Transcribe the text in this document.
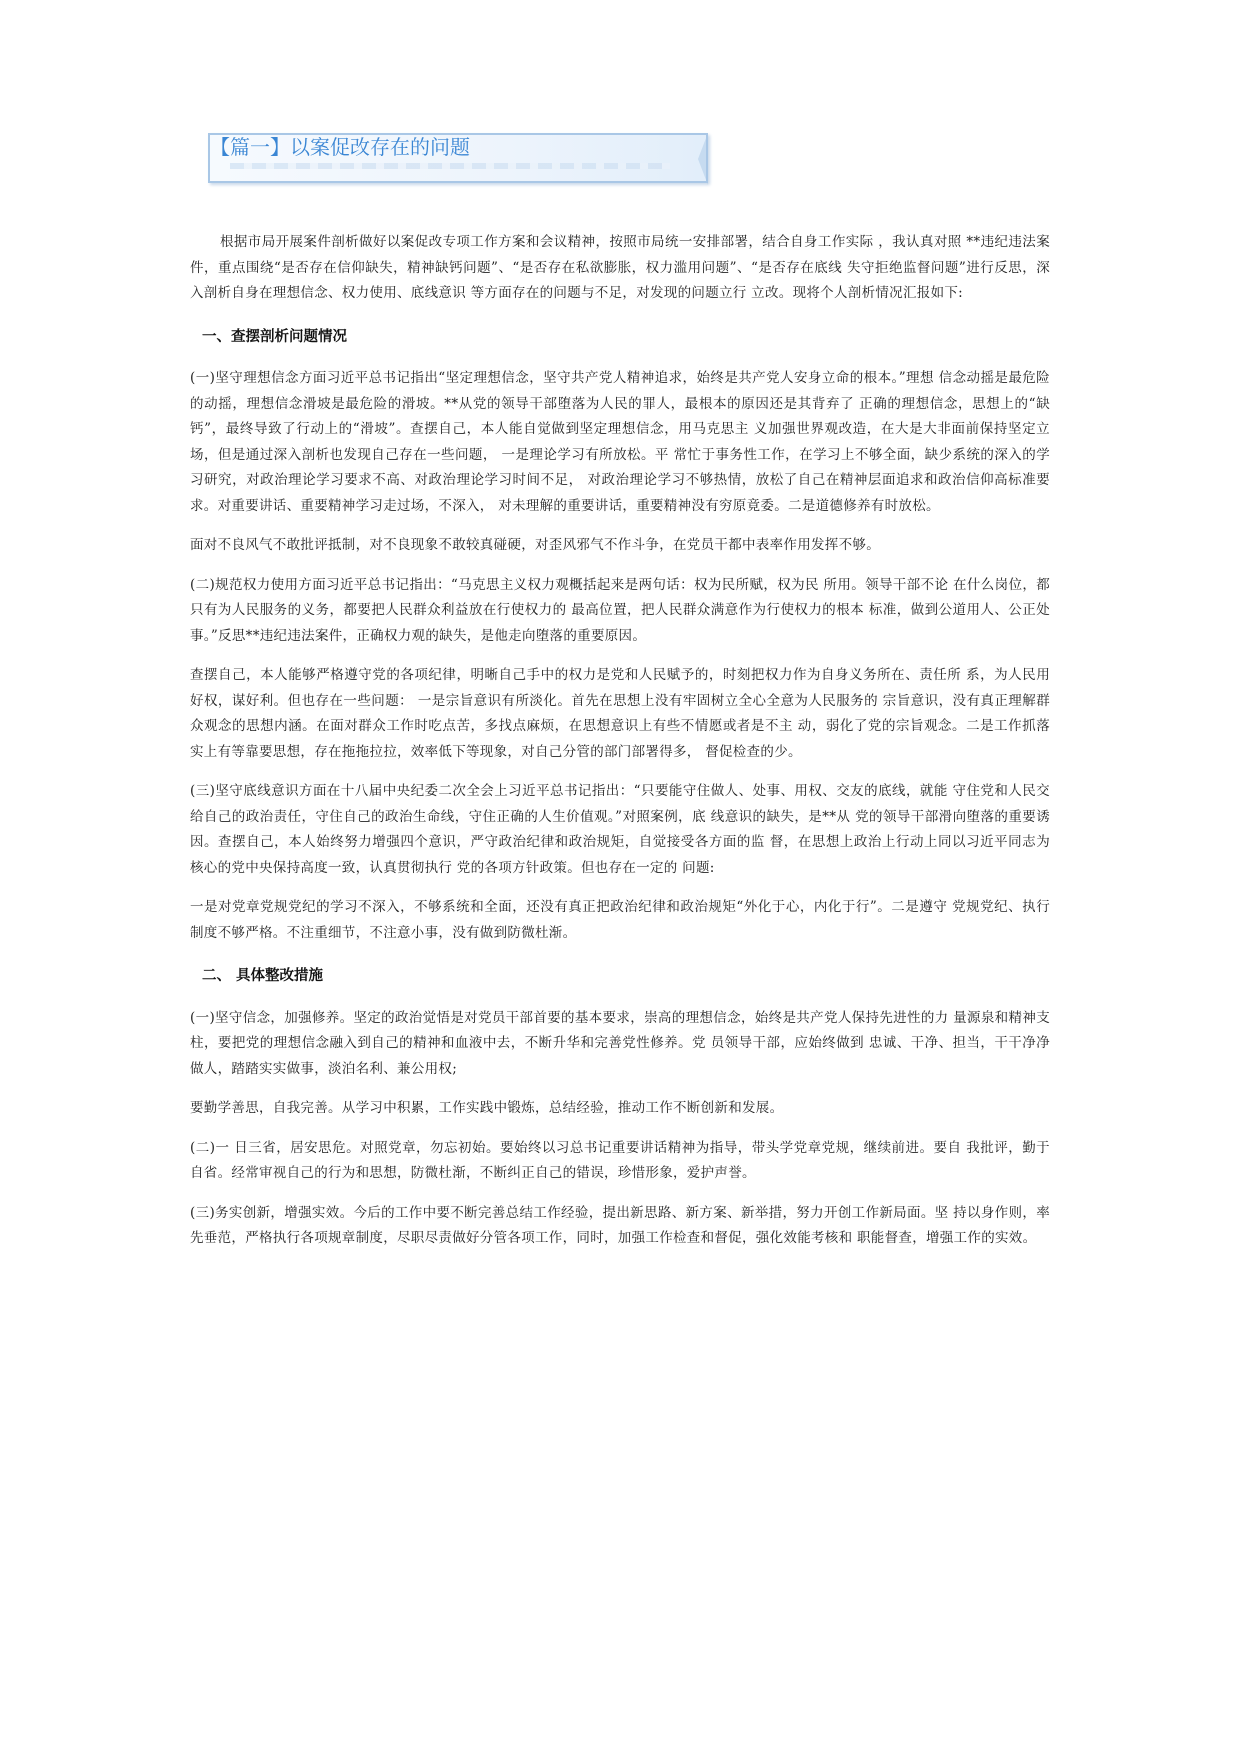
【篇一】以案促改存在的问题

根据市局开展案件剖析做好以案促改专项工作方案和会议精神，按照市局统一安排部署，结合自身工作实际 ，我认真对照 **违纪违法案件，重点围绕“是否存在信仰缺失，精神缺钙问题”、“是否存在私欲膨胀，权力滥用问题”、“是否存在底线 失守拒绝监督问题”进行反思，深入剖析自身在理想信念、权力使用、底线意识 等方面存在的问题与不足，对发现的问题立行 立改。现将个人剖析情况汇报如下:

一、查摆剖析问题情况

(一)坚守理想信念方面习近平总书记指出“坚定理想信念，坚守共产党人精神追求，始终是共产党人安身立命的根本。”理想 信念动摇是最危险的动摇，理想信念滑坡是最危险的滑坡。**从党的领导干部堕落为人民的罪人，最根本的原因还是其背弃了 正确的理想信念，思想上的“缺钙”，最终导致了行动上的“滑坡”。查摆自己，本人能自觉做到坚定理想信念，用马克思主 义加强世界观改造，在大是大非面前保持坚定立场，但是通过深入剖析也发现自己存在一些问题， 一是理论学习有所放松。平 常忙于事务性工作，在学习上不够全面，缺少系统的深入的学习研究，对政治理论学习要求不高、对政治理论学习时间不足， 对政治理论学习不够热情，放松了自己在精神层面追求和政治信仰高标准要求。对重要讲话、重要精神学习走过场，不深入， 对未理解的重要讲话，重要精神没有穷原竟委。二是道德修养有时放松。

面对不良风气不敢批评抵制，对不良现象不敢较真碰硬，对歪风邪气不作斗争，在党员干都中表率作用发挥不够。

(二)规范权力使用方面习近平总书记指出：“马克思主义权力观概括起来是两句话：权为民所赋，权为民 所用。领导干部不论 在什么岗位，都只有为人民服务的义务，都要把人民群众利益放在行使权力的 最高位置，把人民群众满意作为行使权力的根本 标准，做到公道用人、公正处事。”反思**违纪违法案件，正确权力观的缺失，是他走向堕落的重要原因。

查摆自己，本人能够严格遵守党的各项纪律，明晰自己手中的权力是党和人民赋予的，时刻把权力作为自身义务所在、责任所 系，为人民用好权，谋好利。但也存在一些问题： 一是宗旨意识有所淡化。首先在思想上没有牢固树立全心全意为人民服务的 宗旨意识，没有真正理解群众观念的思想内涵。在面对群众工作时吃点苦，多找点麻烦，在思想意识上有些不情愿或者是不主 动，弱化了党的宗旨观念。二是工作抓落实上有等靠要思想，存在拖拖拉拉，效率低下等现象，对自己分管的部门部署得多， 督促检查的少。

(三)坚守底线意识方面在十八届中央纪委二次全会上习近平总书记指出：“只要能守住做人、处事、用权、交友的底线，就能 守住党和人民交给自己的政治责任，守住自己的政治生命线，守住正确的人生价值观。”对照案例，底 线意识的缺失，是**从 党的领导干部滑向堕落的重要诱因。查摆自己，本人始终努力增强四个意识，严守政治纪律和政治规矩，自觉接受各方面的监 督，在思想上政治上行动上同以习近平同志为核心的党中央保持高度一致，认真贯彻执行 党的各项方针政策。但也存在一定的 问题:

一是对党章党规党纪的学习不深入，不够系统和全面，还没有真正把政治纪律和政治规矩“外化于心，内化于行”。二是遵守 党规党纪、执行制度不够严格。不注重细节，不注意小事，没有做到防微杜渐。

二、 具体整改措施

(一)坚守信念，加强修养。坚定的政治觉悟是对党员干部首要的基本要求，崇高的理想信念，始终是共产党人保持先进性的力 量源泉和精神支柱，要把党的理想信念融入到自己的精神和血液中去，不断升华和完善党性修养。党 员领导干部，应始终做到 忠诚、干净、担当，干干净净做人，踏踏实实做事，淡泊名利、兼公用权;

要勤学善思，自我完善。从学习中积累，工作实践中锻炼，总结经验，推动工作不断创新和发展。

(二)一 日三省，居安思危。对照党章，勿忘初始。要始终以习总书记重要讲话精神为指导，带头学党章党规，继续前进。要自 我批评，勤于自省。经常审视自己的行为和思想，防微杜渐，不断纠正自己的错误，珍惜形象，爱护声誉。

(三)务实创新，增强实效。今后的工作中要不断完善总结工作经验，提出新思路、新方案、新举措，努力开创工作新局面。坚 持以身作则，率先垂范，严格执行各项规章制度，尽职尽责做好分管各项工作，同时，加强工作检查和督促，强化效能考核和 职能督查，增强工作的实效。
